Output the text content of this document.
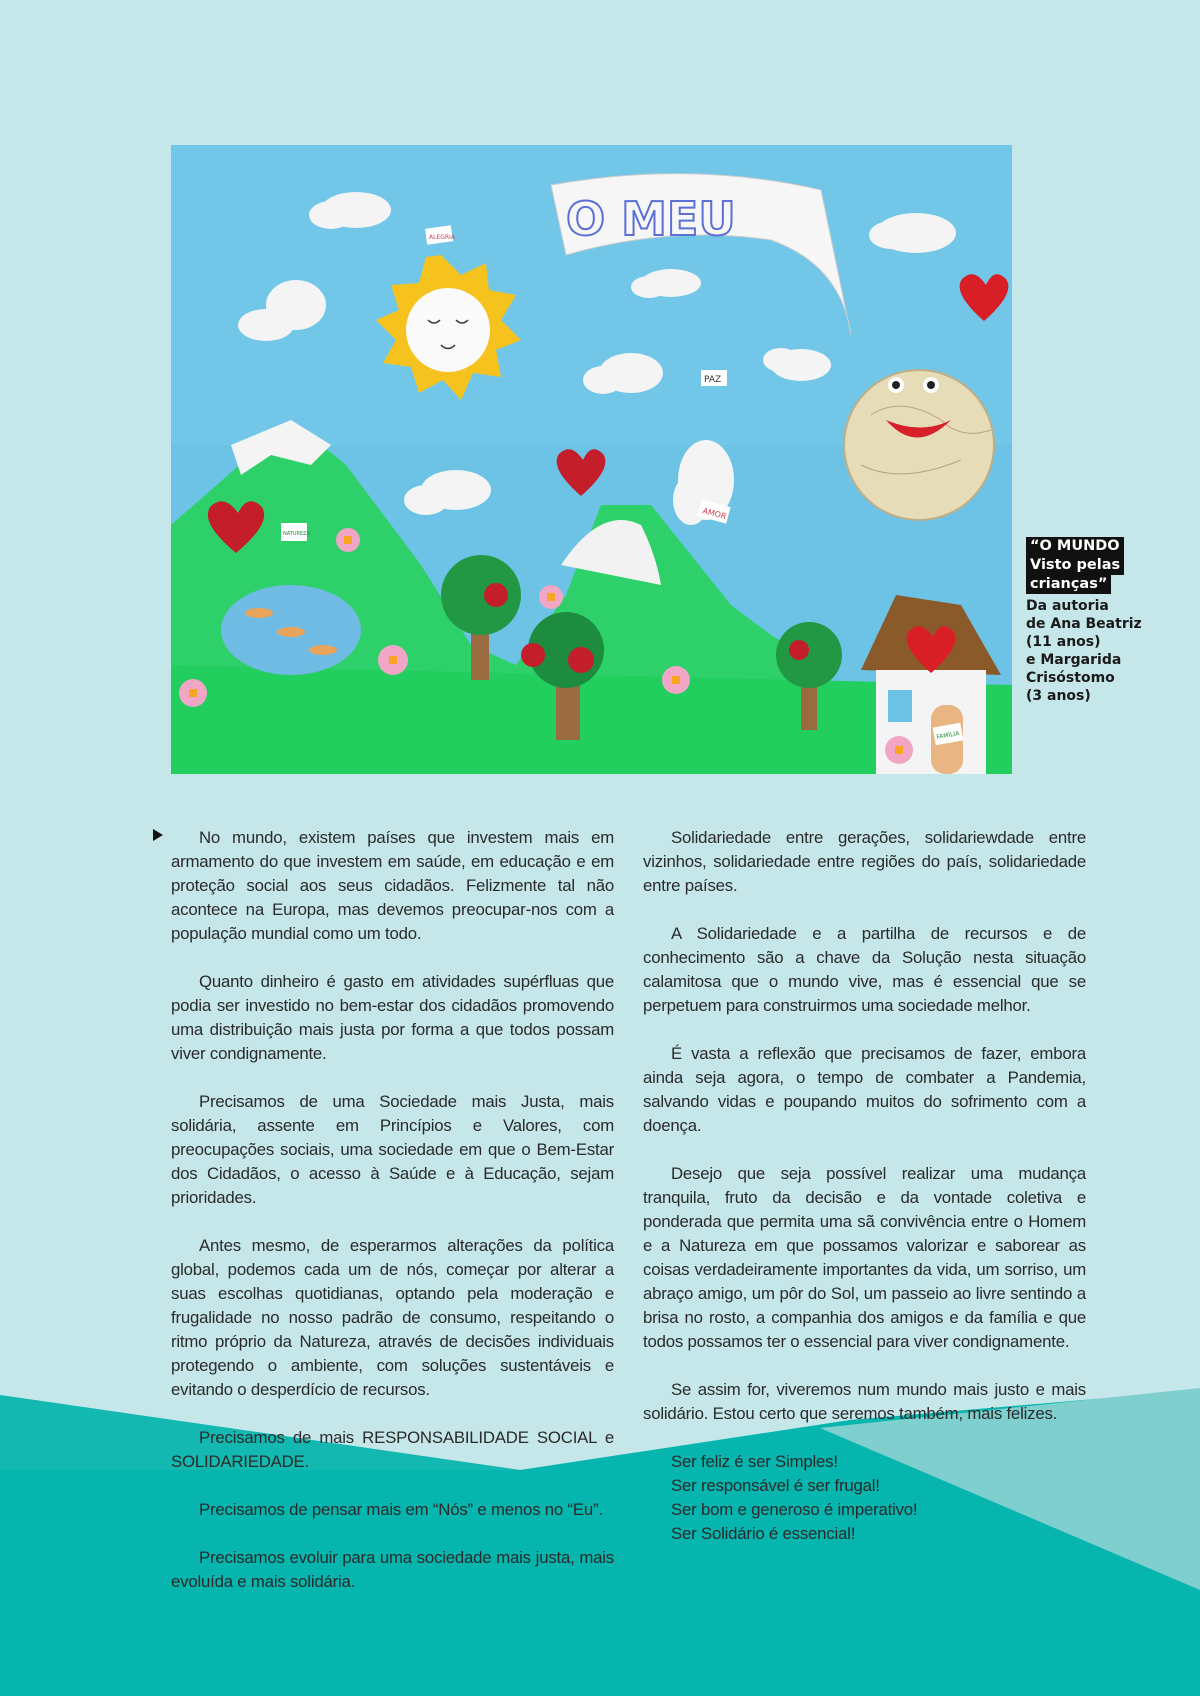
O MEU
ALEGRIA
PAZ
AMOR
NATUREZA
FAMÍLIA
“O MUNDO
Visto pelas
crianças”
Da autoria
de Ana Beatriz
(11 anos)
e Margarida
Crisóstomo
(3 anos)

No mundo, existem países que investem mais em armamento do que investem em saúde, em educação e em proteção social aos seus cidadãos. Felizmente tal não acontece na Europa, mas devemos preocupar-nos com a população mundial como um todo.

Quanto dinheiro é gasto em atividades supérfluas que podia ser investido no bem-estar dos cidadãos promovendo uma distribuição mais justa por forma a que todos possam viver condignamente.

Precisamos de uma Sociedade mais Justa, mais solidária, assente em Princípios e Valores, com preocupações sociais, uma sociedade em que o Bem-Estar dos Cidadãos, o acesso à Saúde e à Educação, sejam prioridades.

Antes mesmo, de esperarmos alterações da política global, podemos cada um de nós, começar por alterar a suas escolhas quotidianas, optando pela moderação e frugalidade no nosso padrão de consumo, respeitando o ritmo próprio da Natureza, através de decisões individuais protegendo o ambiente, com soluções sustentáveis e evitando o desperdício de recursos.

Precisamos de mais RESPONSABILIDADE SOCIAL e SOLIDARIEDADE.

Precisamos de pensar mais em “Nós” e menos no “Eu”.

Precisamos evoluir para uma sociedade mais justa, mais evoluída e mais solidária.

Solidariedade entre gerações, solidariewdade entre vizinhos, solidariedade entre regiões do país, solidariedade entre países.

A Solidariedade e a partilha de recursos e de conhecimento são a chave da Solução nesta situação calamitosa que o mundo vive, mas é essencial que se perpetuem para construirmos uma sociedade melhor.

É vasta a reflexão que precisamos de fazer, embora ainda seja agora, o tempo de combater a Pandemia, salvando vidas e poupando muitos do sofrimento com a doença.

Desejo que seja possível realizar uma mudança tranquila, fruto da decisão e da vontade coletiva e ponderada que permita uma sã convivência entre o Homem e a Natureza em que possamos valorizar e saborear as coisas verdadeiramente importantes da vida, um sorriso, um abraço amigo, um pôr do Sol, um passeio ao livre sentindo a brisa no rosto, a companhia dos amigos e da família e que todos possamos ter o essencial para viver condignamente.

Se assim for, viveremos num mundo mais justo e mais solidário. Estou certo que seremos também, mais felizes.

Ser feliz é ser Simples!
Ser responsável é ser frugal!
Ser bom e generoso é imperativo!
Ser Solidário é essencial!
